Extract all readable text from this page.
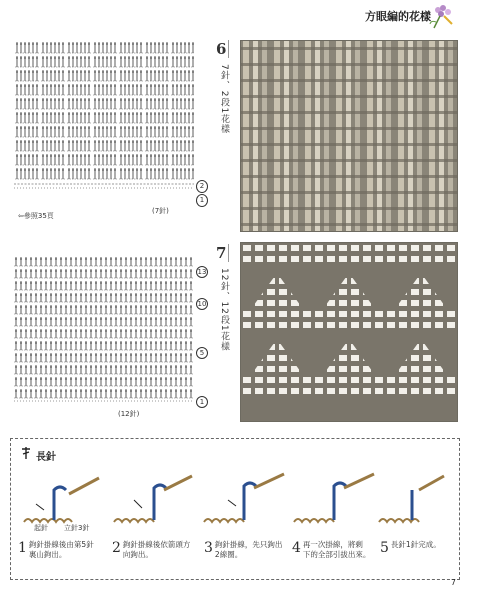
方眼編的花樣
2
1
(7針)
⇦參照35頁
6
7針、2段1花樣
13
10
5
1
(12針)
7
12針、12段1花樣
長針
起針 立針3針
1 鉤針掛線後由第5針
裏山鉤出。	2 鉤針掛線後依箭頭方
向鉤出。	3 鉤針掛線，先只鉤出
2線圈。	4 再一次掛線，將剩
下的全部引拔出來。 5 長針1針完成。
7
